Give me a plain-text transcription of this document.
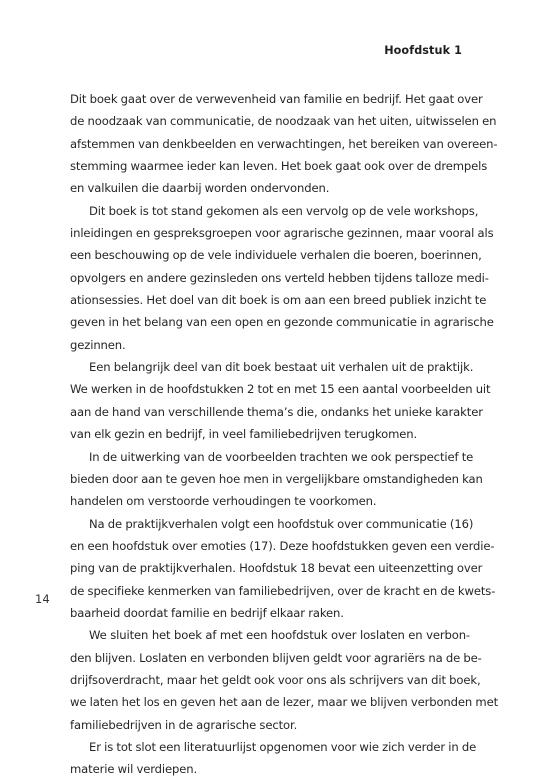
Hoofdstuk 1
14
Dit boek gaat over de verwevenheid van familie en bedrijf. Het gaat over
de noodzaak van communicatie, de noodzaak van het uiten, uitwisselen en
afstemmen van denkbeelden en verwachtingen, het bereiken van overeen-
stemming waarmee ieder kan leven. Het boek gaat ook over de drempels
en valkuilen die daarbij worden ondervonden.
Dit boek is tot stand gekomen als een vervolg op de vele workshops,
inleidingen en gespreksgroepen voor agrarische gezinnen, maar vooral als
een beschouwing op de vele individuele verhalen die boeren, boerinnen,
opvolgers en andere gezinsleden ons verteld hebben tijdens talloze medi-
ationsessies. Het doel van dit boek is om aan een breed publiek inzicht te
geven in het belang van een open en gezonde communicatie in agrarische
gezinnen.
Een belangrijk deel van dit boek bestaat uit verhalen uit de praktijk.
We werken in de hoofdstukken 2 tot en met 15 een aantal voorbeelden uit
aan de hand van verschillende thema’s die, ondanks het unieke karakter
van elk gezin en bedrijf, in veel familiebedrijven terugkomen.
In de uitwerking van de voorbeelden trachten we ook perspectief te
bieden door aan te geven hoe men in vergelijkbare omstandigheden kan
handelen om verstoorde verhoudingen te voorkomen.
Na de praktijkverhalen volgt een hoofdstuk over communicatie (16)
en een hoofdstuk over emoties (17). Deze hoofdstukken geven een verdie-
ping van de praktijkverhalen. Hoofdstuk 18 bevat een uiteenzetting over
de specifieke kenmerken van familiebedrijven, over de kracht en de kwets-
baarheid doordat familie en bedrijf elkaar raken.
We sluiten het boek af met een hoofdstuk over loslaten en verbon-
den blijven. Loslaten en verbonden blijven geldt voor agrariërs na de be-
drijfsoverdracht, maar het geldt ook voor ons als schrijvers van dit boek,
we laten het los en geven het aan de lezer, maar we blijven verbonden met
familiebedrijven in de agrarische sector.
Er is tot slot een literatuurlijst opgenomen voor wie zich verder in de
materie wil verdiepen.
